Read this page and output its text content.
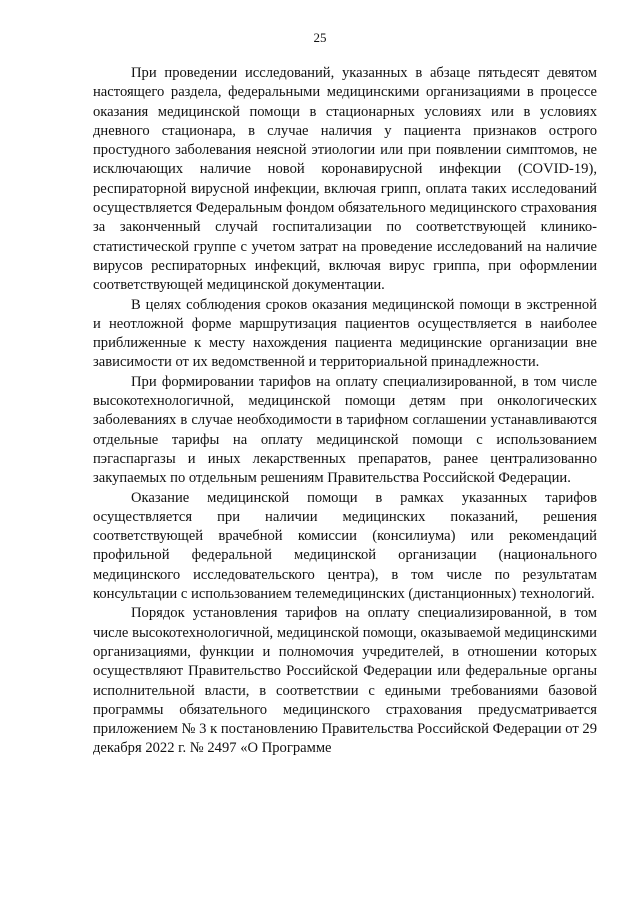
25

При проведении исследований, указанных в абзаце пятьдесят девятом настоящего раздела, федеральными медицинскими организациями в процессе оказания медицинской помощи в стационарных условиях или в условиях дневного стационара, в случае наличия у пациента признаков острого простудного заболевания неясной этиологии или при появлении симптомов, не исключающих наличие новой коронавирусной инфекции (COVID-19), респираторной вирусной инфекции, включая грипп, оплата таких исследований осуществляется Федеральным фондом обязательного медицинского страхования за законченный случай госпитализации по соответствующей клинико-статистической группе с учетом затрат на проведение исследований на наличие вирусов респираторных инфекций, включая вирус гриппа, при оформлении соответствующей медицинской документации.

В целях соблюдения сроков оказания медицинской помощи в экстренной и неотложной форме маршрутизация пациентов осуществляется в наиболее приближенные к месту нахождения пациента медицинские организации вне зависимости от их ведомственной и территориальной принадлежности.

При формировании тарифов на оплату специализированной, в том числе высокотехнологичной, медицинской помощи детям при онкологических заболеваниях в случае необходимости в тарифном соглашении устанавливаются отдельные тарифы на оплату медицинской помощи с использованием пэгаспаргазы и иных лекарственных препаратов, ранее централизованно закупаемых по отдельным решениям Правительства Российской Федерации.

Оказание медицинской помощи в рамках указанных тарифов осуществляется при наличии медицинских показаний, решения соответствующей врачебной комиссии (консилиума) или рекомендаций профильной федеральной медицинской организации (национального медицинского исследовательского центра), в том числе по результатам консультации с использованием телемедицинских (дистанционных) технологий.

Порядок установления тарифов на оплату специализированной, в том числе высокотехнологичной, медицинской помощи, оказываемой медицинскими организациями, функции и полномочия учредителей, в отношении которых осуществляют Правительство Российской Федерации или федеральные органы исполнительной власти, в соответствии с едиными требованиями базовой программы обязательного медицинского страхования предусматривается приложением № 3 к постановлению Правительства Российской Федерации от 29 декабря 2022 г. № 2497 «О Программе
